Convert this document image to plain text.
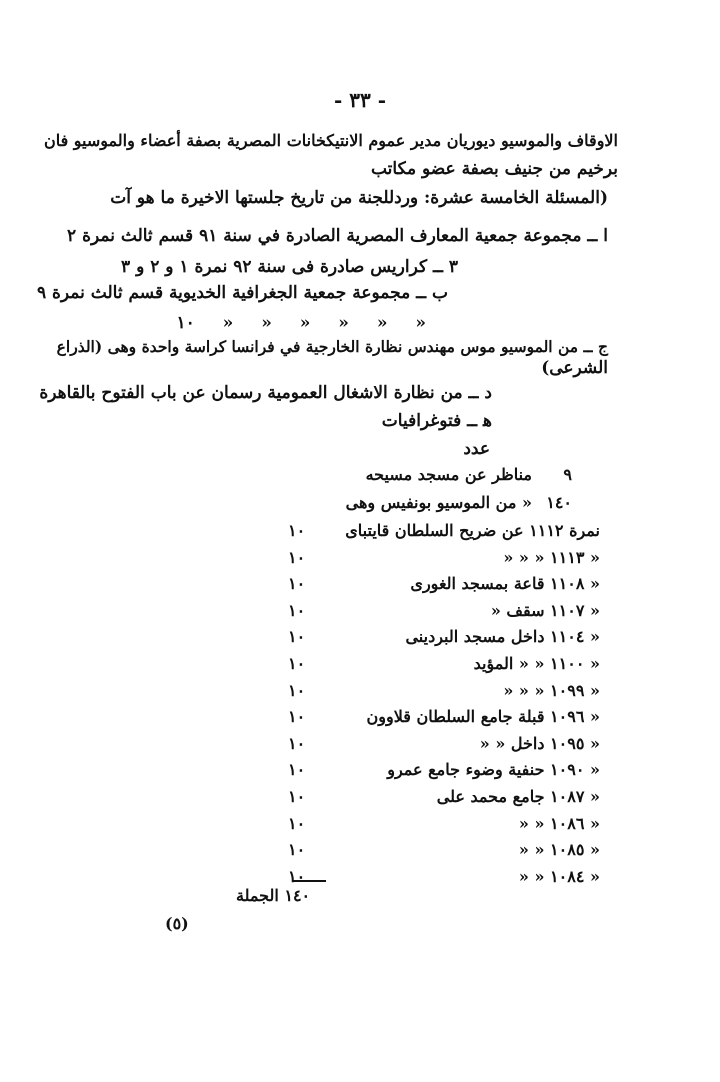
- ٣٣ -
الاوقاف والموسيو ديوريان مدير عموم الانتيكخانات المصرية بصفة أعضاء والموسيو فان
برخيم من جنيف بصفة عضو مكاتب
(المسئلة الخامسة عشرة: وردللجنة من تاريخ جلستها الاخيرة ما هو آت
ا ــ مجموعة جمعية المعارف المصرية الصادرة في سنة ٩١ قسم ثالث نمرة ٢
٣ ــ كراريس صادرة فى سنة ٩٢ نمرة ١ و ٢ و ٣
ب ــ مجموعة جمعية الجغرافية الخديوية قسم ثالث نمرة ٩
« « « « « « ١٠
ج ــ من الموسيو موس مهندس نظارة الخارجية في فرانسا كراسة واحدة وهى (الذراع
الشرعى)
د ــ من نظارة الاشغال العمومية رسمان عن باب الفتوح بالقاهرة
ﻫ ــ فتوغرافيات
عدد
٩
مناظر عن مسجد مسيحه
١٤٠
« من الموسيو بونفيس وهى
نمرة ١١١٢ عن ضريح السلطان قايتباى
١٠
« ١١١٣ « « «
١٠
« ١١٠٨ قاعة بمسجد الغورى
١٠
« ١١٠٧ سقف «
١٠
« ١١٠٤ داخل مسجد البردينى
١٠
« ١١٠٠ « « المؤيد
١٠
« ١٠٩٩ « « «
١٠
« ١٠٩٦ قبلة جامع السلطان قلاوون
١٠
« ١٠٩٥ داخل « «
١٠
« ١٠٩٠ حنفية وضوء جامع عمرو
١٠
« ١٠٨٧ جامع محمد على
١٠
« ١٠٨٦ « «
١٠
« ١٠٨٥ « «
١٠
« ١٠٨٤ « «
١٠
١٤٠ الجملة
(٥)
